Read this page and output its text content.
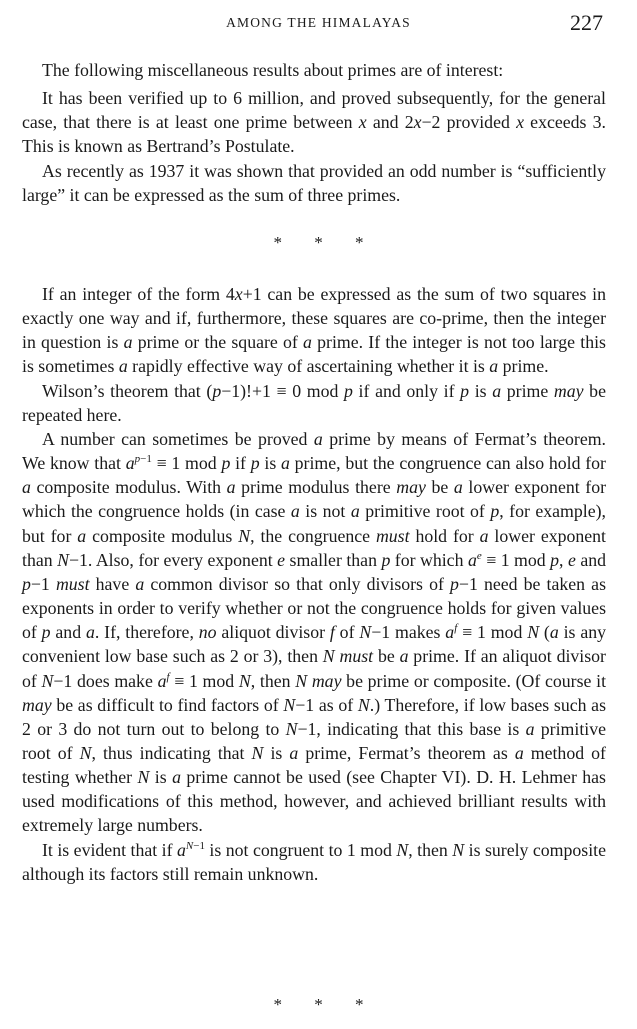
AMONG THE HIMALAYAS	227

The following miscellaneous results about primes are of interest:

It has been verified up to 6 million, and proved subsequently, for the general case, that there is at least one prime between x and 2x−2 provided x exceeds 3. This is known as Bertrand’s Postulate.

As recently as 1937 it was shown that provided an odd number is “sufficiently large” it can be expressed as the sum of three primes.

* * *

If an integer of the form 4x+1 can be expressed as the sum of two squares in exactly one way and if, furthermore, these squares are co-prime, then the integer in question is a prime or the square of a prime. If the integer is not too large this is sometimes a rapidly effective way of ascertaining whether it is a prime.

Wilson’s theorem that (p−1)!+1 ≡ 0 mod p if and only if p is a prime may be repeated here.

A number can sometimes be proved a prime by means of Fermat’s theorem. We know that $a^{p-1} \equiv 1$ mod p if p is a prime, but the congruence can also hold for a composite modulus. With a prime modulus there may be a lower exponent for which the congruence holds (in case a is not a primitive root of p, for example), but for a composite modulus N, the congruence must hold for a lower exponent than N−1. Also, for every exponent e smaller than p for which $a^e \equiv 1$ mod p, e and p−1 must have a common divisor so that only divisors of p−1 need be taken as exponents in order to verify whether or not the congruence holds for given values of p and a. If, therefore, no aliquot divisor f of N−1 makes $a^f \equiv 1$ mod N (a is any convenient low base such as 2 or 3), then N must be a prime. If an aliquot divisor of N−1 does make $a^f \equiv 1$ mod N, then N may be prime or composite. (Of course it may be as difficult to find factors of N−1 as of N.) Therefore, if low bases such as 2 or 3 do not turn out to belong to N−1, indicating that this base is a primitive root of N, thus indicating that N is a prime, Fermat’s theorem as a method of testing whether N is a prime cannot be used (see Chapter VI). D. H. Lehmer has used modifications of this method, however, and achieved brilliant results with extremely large numbers.

It is evident that if $a^{N-1}$ is not congruent to 1 mod N, then N is surely composite although its factors still remain unknown.

* * *
